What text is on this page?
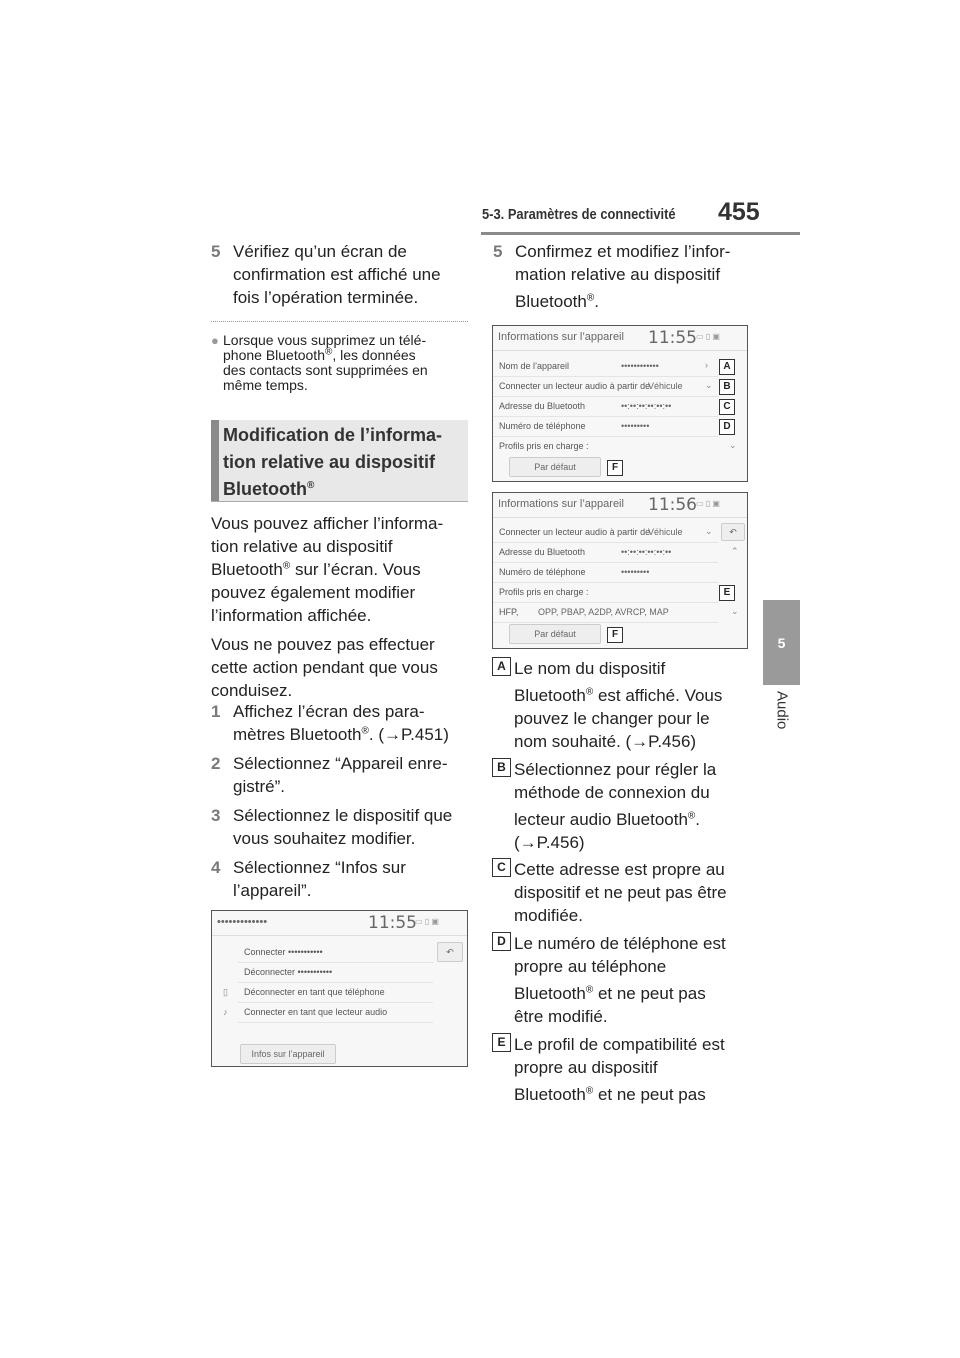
5-3. Paramètres de connectivité 455
5
Audio
5 Vérifiez qu’un écran de
confirmation est affiché une
fois l’opération terminée.
● Lorsque vous supprimez un télé-
phone Bluetooth®, les données
des contacts sont supprimées en
même temps.
Modification de l’informa-
tion relative au dispositif
Bluetooth®
Vous pouvez afficher l’informa-
tion relative au dispositif
Bluetooth® sur l’écran. Vous
pouvez également modifier
l’information affichée.
Vous ne pouvez pas effectuer
cette action pendant que vous
conduisez.
1 Affichez l’écran des para-
mètres Bluetooth®. (→P.451)
2 Sélectionnez “Appareil enre-
gistré”.
3 Sélectionnez le dispositif que
vous souhaitez modifier.
4 Sélectionnez “Infos sur
l’appareil”.
•••••••••••••	11:55
▭ ▯ ▣
↶
Connecter •••••••••••
Déconnecter •••••••••••
▯ Déconnecter en tant que téléphone
♪ Connecter en tant que lecteur audio
Infos sur l’appareil
5 Confirmez et modifiez l’infor-
mation relative au dispositif
Bluetooth®.
Informations sur l’appareil 11:55 ▭ ▯ ▣
Nom de l’appareil	••••••••••••	›
Connecter un lecteur audio à partir de
Véhicule ⌄
Adresse du Bluetooth	••:••:••:••:••:••
Numéro de téléphone	•••••••••
Profils pris en charge :	⌄
Par défaut
A
B
C
D
F
Informations sur l’appareil 11:56 ▭ ▯ ▣
↶
Connecter un lecteur audio à partir de
Véhicule ⌄
Adresse du Bluetooth	••:••:••:••:••:••	⌃
Numéro de téléphone	•••••••••
Profils pris en charge :
HFP, OPP, PBAP, A2DP, AVRCP, MAP	⌄
E
Par défaut	F
A Le nom du dispositif
Bluetooth® est affiché. Vous
pouvez le changer pour le
nom souhaité. (→P.456)
B Sélectionnez pour régler la
méthode de connexion du
lecteur audio Bluetooth®.
(→P.456)
C Cette adresse est propre au
dispositif et ne peut pas être
modifiée.
D Le numéro de téléphone est
propre au téléphone
Bluetooth® et ne peut pas
être modifié.
E Le profil de compatibilité est
propre au dispositif
Bluetooth® et ne peut pas
